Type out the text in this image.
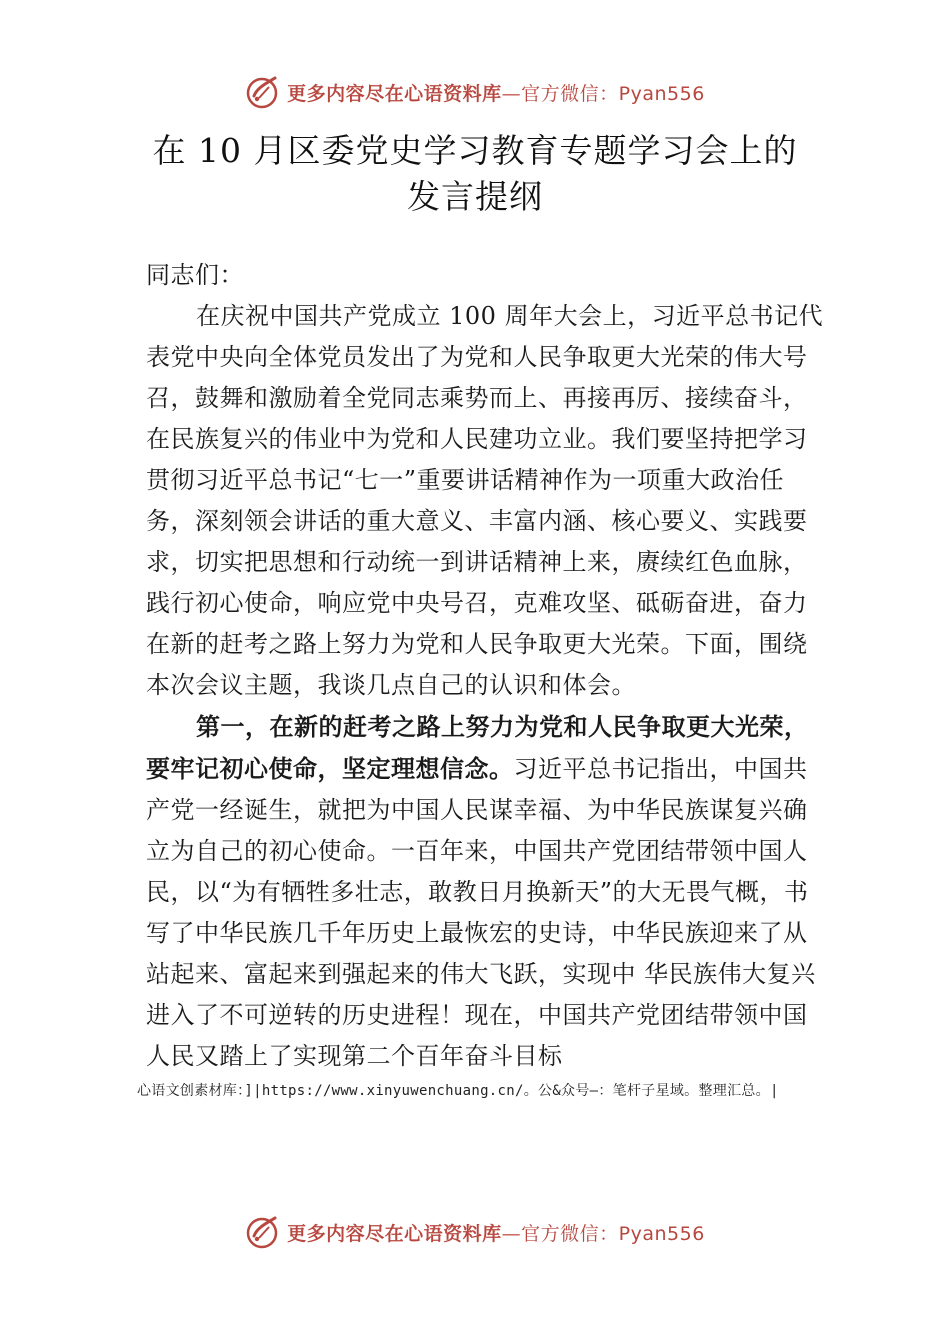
更多内容尽在心语资料库—官方微信：Pyan556
在 10 月区委党史学习教育专题学习会上的
发言提纲

同志们：

在庆祝中国共产党成立 100 周年大会上，习近平总书记代表党中央向全体党员发出了为党和人民争取更大光荣的伟大号召，鼓舞和激励着全党同志乘势而上、再接再厉、接续奋斗，在民族复兴的伟业中为党和人民建功立业。我们要坚持把学习贯彻习近平总书记“七一”重要讲话精神作为一项重大政治任务，深刻领会讲话的重大意义、丰富内涵、核心要义、实践要求，切实把思想和行动统一到讲话精神上来，赓续红色血脉，践行初心使命，响应党中央号召，克难攻坚、砥砺奋进，奋力在新的赶考之路上努力为党和人民争取更大光荣。下面，围绕本次会议主题，我谈几点自己的认识和体会。

第一，在新的赶考之路上努力为党和人民争取更大光荣，要牢记初心使命，坚定理想信念。习近平总书记指出，中国共产党一经诞生，就把为中国人民谋幸福、为中华民族谋复兴确立为自己的初心使命。一百年来，中国共产党团结带领中国人民，以“为有牺牲多壮志，敢教日月换新天”的大无畏气概，书写了中华民族几千年历史上最恢宏的史诗，中华民族迎来了从站起来、富起来到强起来的伟大飞跃，实现中 华民族伟大复兴进入了不可逆转的历史进程！现在，中国共产党团结带领中国人民又踏上了实现第二个百年奋斗目标

心语文创素材库：]|https://www.xinyuwenchuang.cn/。公&众号—：笔杆子星域。整理汇总。|
更多内容尽在心语资料库—官方微信：Pyan556
